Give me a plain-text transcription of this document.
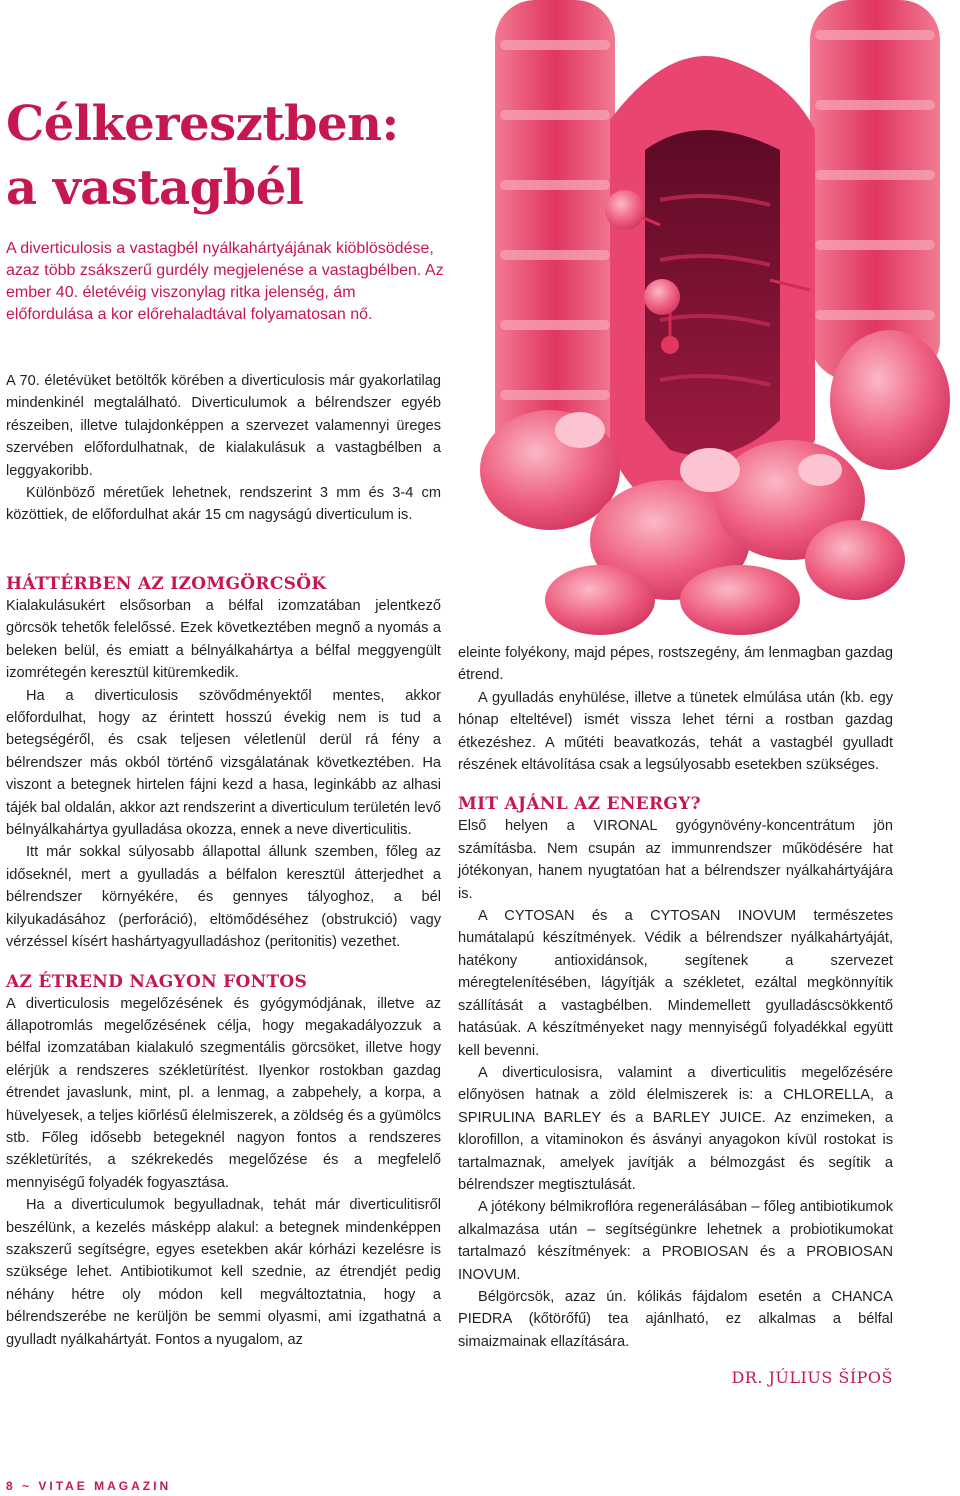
Célkeresztben:
a vastagbél

A diverticulosis a vastagbél nyálkahártyájának kiöblösödése, azaz több zsákszerű gurdély megjelenése a vastagbélben. Az ember 40. életévéig viszonylag ritka jelenség, ám előfordulása a kor előrehaladtával folyamatosan nő.

A 70. életévüket betöltők körében a diverticulosis már gyakorlatilag mindenkinél megtalálható. Diverticulumok a bélrendszer egyéb részeiben, illetve tulajdonképpen a szervezet valamennyi üreges szervében előfordulhatnak, de kialakulásuk a vastagbélben a leggyakoribb.

Különböző méretűek lehetnek, rendszerint 3 mm és 3-4 cm közöttiek, de előfordulhat akár 15 cm nagyságú diverticulum is.

HÁTTÉRBEN AZ IZOMGÖRCSÖK

Kialakulásukért elsősorban a bélfal izomzatában jelentkező görcsök tehetők felelőssé. Ezek következtében megnő a nyomás a beleken belül, és emiatt a bélnyálkahártya a bélfal meggyengült izomrétegén keresztül kitüremkedik.

Ha a diverticulosis szövődményektől mentes, akkor előfordulhat, hogy az érintett hosszú évekig nem is tud a betegségéről, és csak teljesen véletlenül derül rá fény a bélrendszer más okból történő vizsgálatának következtében. Ha viszont a betegnek hirtelen fájni kezd a hasa, leginkább az alhasi tájék bal oldalán, akkor azt rendszerint a diverticulum területén levő bélnyálkahártya gyulladása okozza, ennek a neve diverticulitis.

Itt már sokkal súlyosabb állapottal állunk szemben, főleg az időseknél, mert a gyulladás a bélfalon keresztül átterjedhet a bélrendszer környékére, és gennyes tályoghoz, a bél kilyukadásához (perforáció), eltömődéséhez (obstrukció) vagy vérzéssel kísért hashártyagyulladáshoz (peritonitis) vezethet.

AZ ÉTREND NAGYON FONTOS

A diverticulosis megelőzésének és gyógymódjának, illetve az állapotromlás megelőzésének célja, hogy megakadályozzuk a bélfal izomzatában kialakuló szegmentális görcsöket, illetve hogy elérjük a rendszeres székletürítést. Ilyenkor rostokban gazdag étrendet javaslunk, mint, pl. a lenmag, a zabpehely, a korpa, a hüvelyesek, a teljes kiőrlésű élelmiszerek, a zöldség és a gyümölcs stb. Főleg idősebb betegeknél nagyon fontos a rendszeres székletürítés, a székrekedés megelőzése és a megfelelő mennyiségű folyadék fogyasztása.

Ha a diverticulumok begyulladnak, tehát már diverticulitisről beszélünk, a kezelés másképp alakul: a betegnek mindenképpen szakszerű segítségre, egyes esetekben akár kórházi kezelésre is szüksége lehet. Antibiotikumot kell szednie, az étrendjét pedig néhány hétre oly módon kell megváltoztatnia, hogy a bélrendszerébe ne kerüljön be semmi olyasmi, ami izgathatná a gyulladt nyálkahártyát. Fontos a nyugalom, az

eleinte folyékony, majd pépes, rostszegény, ám lenmagban gazdag étrend.

A gyulladás enyhülése, illetve a tünetek elmúlása után (kb. egy hónap elteltével) ismét vissza lehet térni a rostban gazdag étkezéshez. A műtéti beavatkozás, tehát a vastagbél gyulladt részének eltávolítása csak a legsúlyosabb esetekben szükséges.

MIT AJÁNL AZ ENERGY?

Első helyen a VIRONAL gyógynövény-koncentrátum jön számításba. Nem csupán az immunrendszer működésére hat jótékonyan, hanem nyugtatóan hat a bélrendszer nyálkahártyájára is.

A CYTOSAN és a CYTOSAN INOVUM természetes humátalapú készítmények. Védik a bélrendszer nyálkahártyáját, hatékony antioxidánsok, segítenek a szervezet méregtelenítésében, lágyítják a székletet, ezáltal megkönnyítik szállítását a vastagbélben. Mindemellett gyulladáscsökkentő hatásúak. A készítményeket nagy mennyiségű folyadékkal együtt kell bevenni.

A diverticulosisra, valamint a diverticulitis megelőzésére előnyösen hatnak a zöld élelmiszerek is: a CHLORELLA, a SPIRULINA BARLEY és a BARLEY JUICE. Az enzimeken, a klorofillon, a vitaminokon és ásványi anyagokon kívül rostokat is tartalmaznak, amelyek javítják a bélmozgást és segítik a bélrendszer megtisztulását.

A jótékony bélmikroflóra regenerálásában – főleg antibiotikumok alkalmazása után – segítségünkre lehetnek a probiotikumokat tartalmazó készítmények: a PROBIOSAN és a PROBIOSAN INOVUM.

Bélgörcsök, azaz ún. kólikás fájdalom esetén a CHANCA PIEDRA (kőtörőfű) tea ajánlható, ez alkalmas a bélfal simaizmainak ellazítására.

DR. JÚLIUS ŠÍPOŠ

8 ~ VITAE MAGAZIN
